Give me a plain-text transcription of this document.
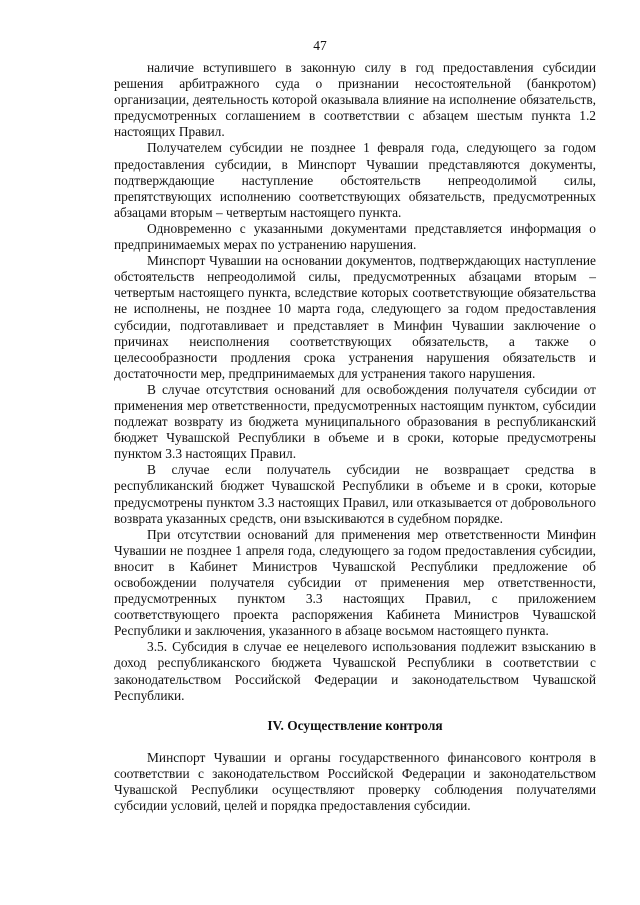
47

наличие вступившего в законную силу в год предоставления субсидии решения арбитражного суда о признании несостоятельной (банкротом) организации, деятельность которой оказывала влияние на исполнение обязательств, предусмотренных соглашением в соответствии с абзацем шестым пункта 1.2 настоящих Правил.

Получателем субсидии не позднее 1 февраля года, следующего за годом предоставления субсидии, в Минспорт Чувашии представляются документы, подтверждающие наступление обстоятельств непреодолимой силы, препятствующих исполнению соответствующих обязательств, предусмотренных абзацами вторым – четвертым настоящего пункта.

Одновременно с указанными документами представляется информация о предпринимаемых мерах по устранению нарушения.

Минспорт Чувашии на основании документов, подтверждающих наступление обстоятельств непреодолимой силы, предусмотренных абзацами вторым – четвертым настоящего пункта, вследствие которых соответствующие обязательства не исполнены, не позднее 10 марта года, следующего за годом предоставления субсидии, подготавливает и представляет в Минфин Чувашии заключение о причинах неисполнения соответствующих обязательств, а также о целесообразности продления срока устранения нарушения обязательств и достаточности мер, предпринимаемых для устранения такого нарушения.

В случае отсутствия оснований для освобождения получателя субсидии от применения мер ответственности, предусмотренных настоящим пунктом, субсидии подлежат возврату из бюджета муниципального образования в республиканский бюджет Чувашской Республики в объеме и в сроки, которые предусмотрены пунктом 3.3 настоящих Правил.

В случае если получатель субсидии не возвращает средства в республиканский бюджет Чувашской Республики в объеме и в сроки, которые предусмотрены пунктом 3.3 настоящих Правил, или отказывается от добровольного возврата указанных средств, они взыскиваются в судебном порядке.

При отсутствии оснований для применения мер ответственности Минфин Чувашии не позднее 1 апреля года, следующего за годом предоставления субсидии, вносит в Кабинет Министров Чувашской Республики предложение об освобождении получателя субсидии от применения мер ответственности, предусмотренных пунктом 3.3 настоящих Правил, с приложением соответствующего проекта распоряжения Кабинета Министров Чувашской Республики и заключения, указанного в абзаце восьмом настоящего пункта.

3.5. Субсидия в случае ее нецелевого использования подлежит взысканию в доход республиканского бюджета Чувашской Республики в соответствии с законодательством Российской Федерации и законодательством Чувашской Республики.

IV. Осуществление контроля

Минспорт Чувашии и органы государственного финансового контроля в соответствии с законодательством Российской Федерации и законодательством Чувашской Республики осуществляют проверку соблюдения получателями субсидии условий, целей и порядка предоставления субсидии.
